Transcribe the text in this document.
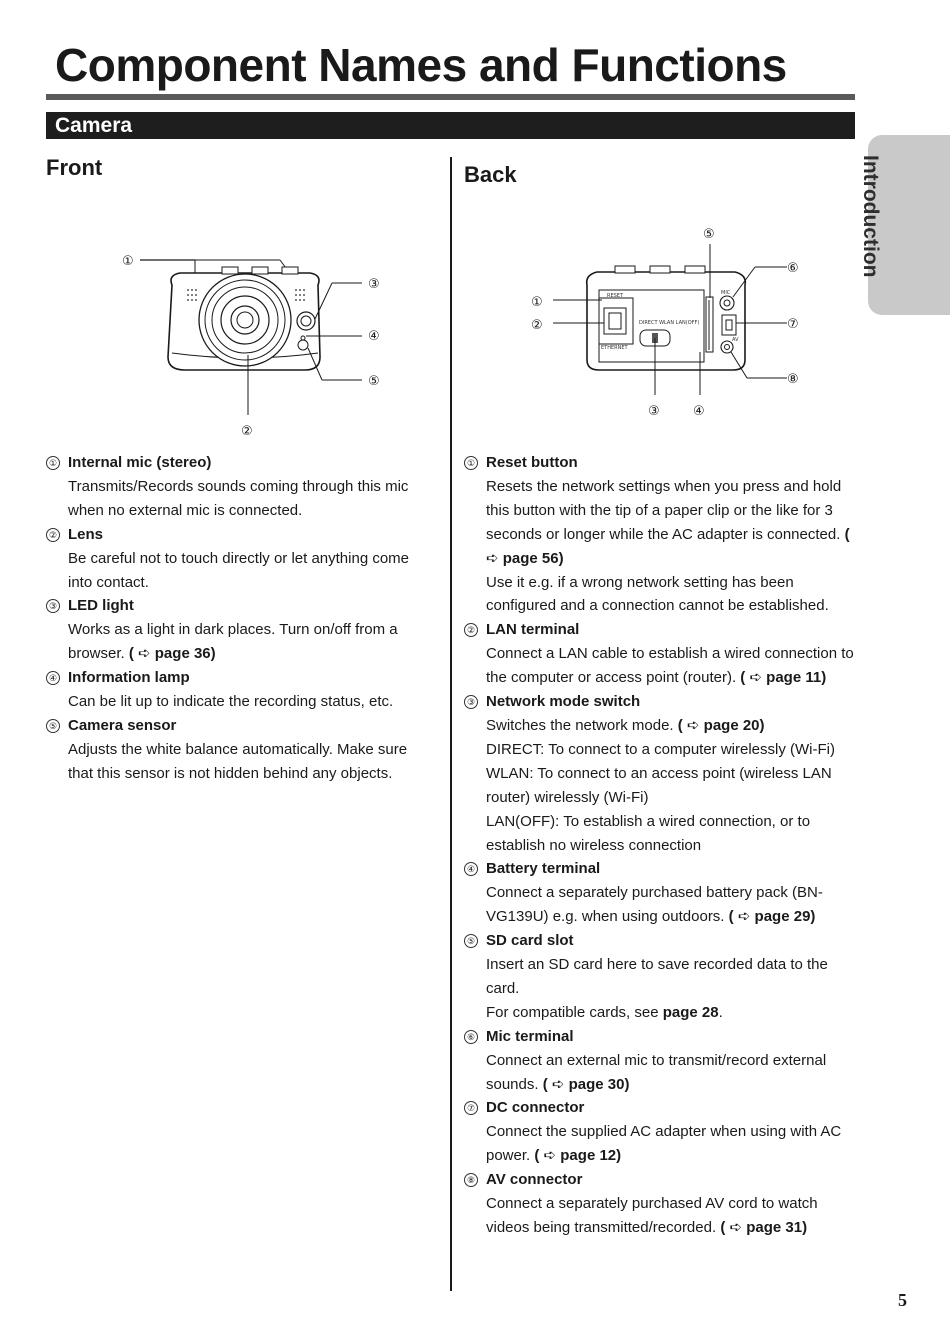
Component Names and Functions
Camera
Introduction
Front	Back
①
③
④
⑤
②
RESET
ETHERNET
DIRECT WLAN LAN(OFF)
MIC
AV
①
②
③	④
⑤
⑥
⑦
⑧
① Internal mic (stereo)

Transmits/Records sounds coming through this mic when no external mic is connected.

② Lens

Be careful not to touch directly or let anything come into contact.

③ LED light

Works as a light in dark places. Turn on/off from a browser. ( ➪ page 36)

④ Information lamp

Can be lit up to indicate the recording status, etc.

⑤ Camera sensor

Adjusts the white balance automatically. Make sure that this sensor is not hidden behind any objects.

① Reset button

Resets the network settings when you press and hold this button with the tip of a paper clip or the like for 3 seconds or longer while the AC adapter is connected. ( ➪ page 56)

Use it e.g. if a wrong network setting has been configured and a connection cannot be established.

② LAN terminal

Connect a LAN cable to establish a wired connection to the computer or access point (router). ( ➪ page 11)

③ Network mode switch

Switches the network mode. ( ➪ page 20)

DIRECT: To connect to a computer wirelessly (Wi-Fi)

WLAN: To connect to an access point (wireless LAN router) wirelessly (Wi-Fi)

LAN(OFF): To establish a wired connection, or to establish no wireless connection

④ Battery terminal

Connect a separately purchased battery pack (BN-VG139U) e.g. when using outdoors. ( ➪ page 29)

⑤ SD card slot

Insert an SD card here to save recorded data to the card.

For compatible cards, see page 28.

⑥ Mic terminal

Connect an external mic to transmit/record external sounds. ( ➪ page 30)

⑦ DC connector

Connect the supplied AC adapter when using with AC power. ( ➪ page 12)

⑧ AV connector

Connect a separately purchased AV cord to watch videos being transmitted/recorded. ( ➪ page 31)

5
